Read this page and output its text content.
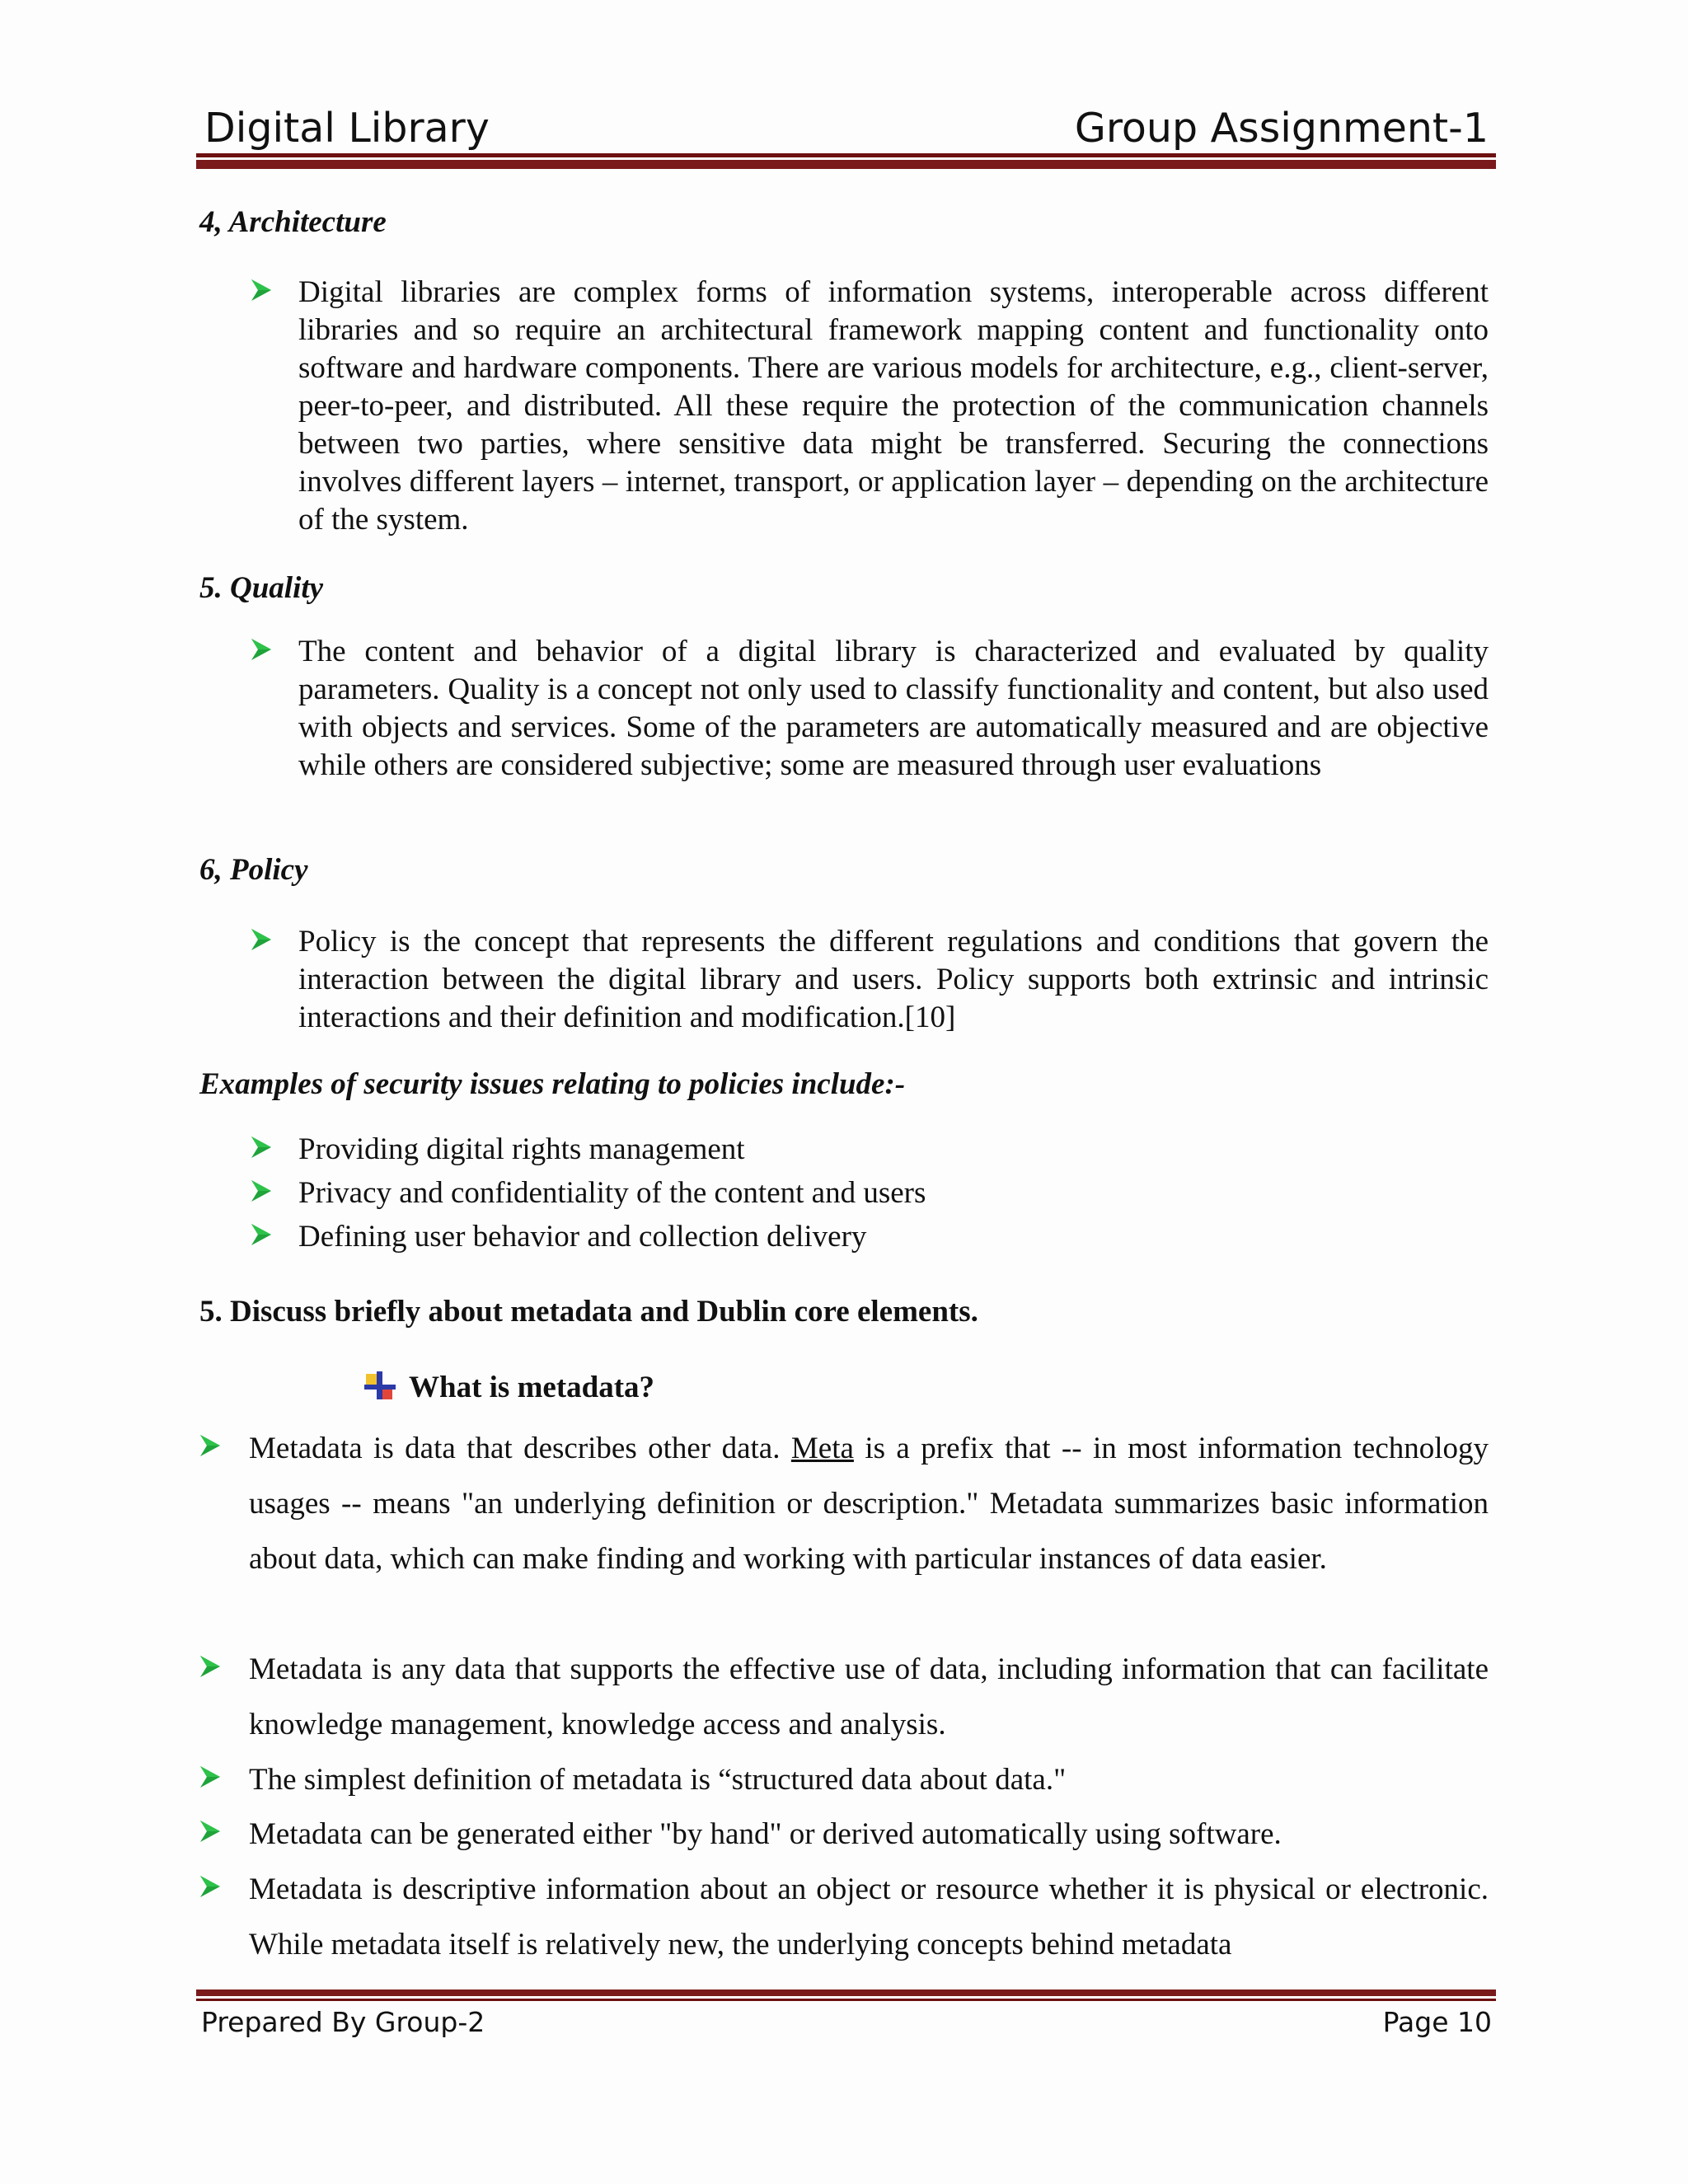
Digital Library	Group Assignment-1
4, Architecture
Digital libraries are complex forms of information systems, interoperable across different libraries and so require an architectural framework mapping content and functionality onto software and hardware components. There are various models for architecture, e.g., client-server, peer-to-peer, and distributed. All these require the protection of the communication channels between two parties, where sensitive data might be transferred. Securing the connections involves different layers – internet, transport, or application layer – depending on the architecture of the system.
5. Quality
The content and behavior of a digital library is characterized and evaluated by quality parameters. Quality is a concept not only used to classify functionality and content, but also used with objects and services. Some of the parameters are automatically measured and are objective while others are considered subjective; some are measured through user evaluations
6, Policy
Policy is the concept that represents the different regulations and conditions that govern the interaction between the digital library and users. Policy supports both extrinsic and intrinsic interactions and their definition and modification.[10]
Examples of security issues relating to policies include:-
Providing digital rights management
Privacy and confidentiality of the content and users
Defining user behavior and collection delivery
5. Discuss briefly about metadata and Dublin core elements.
What is metadata?
Metadata is data that describes other data. Meta is a prefix that -- in most information technology usages -- means "an underlying definition or description." Metadata summarizes basic information about data, which can make finding and working with particular instances of data easier.
Metadata is any data that supports the effective use of data, including information that can facilitate knowledge management, knowledge access and analysis.
The simplest definition of metadata is “structured data about data."
Metadata can be generated either "by hand" or derived automatically using software.
Metadata is descriptive information about an object or resource whether it is physical or electronic. While metadata itself is relatively new, the underlying concepts behind metadata
Prepared By Group-2	Page 10
